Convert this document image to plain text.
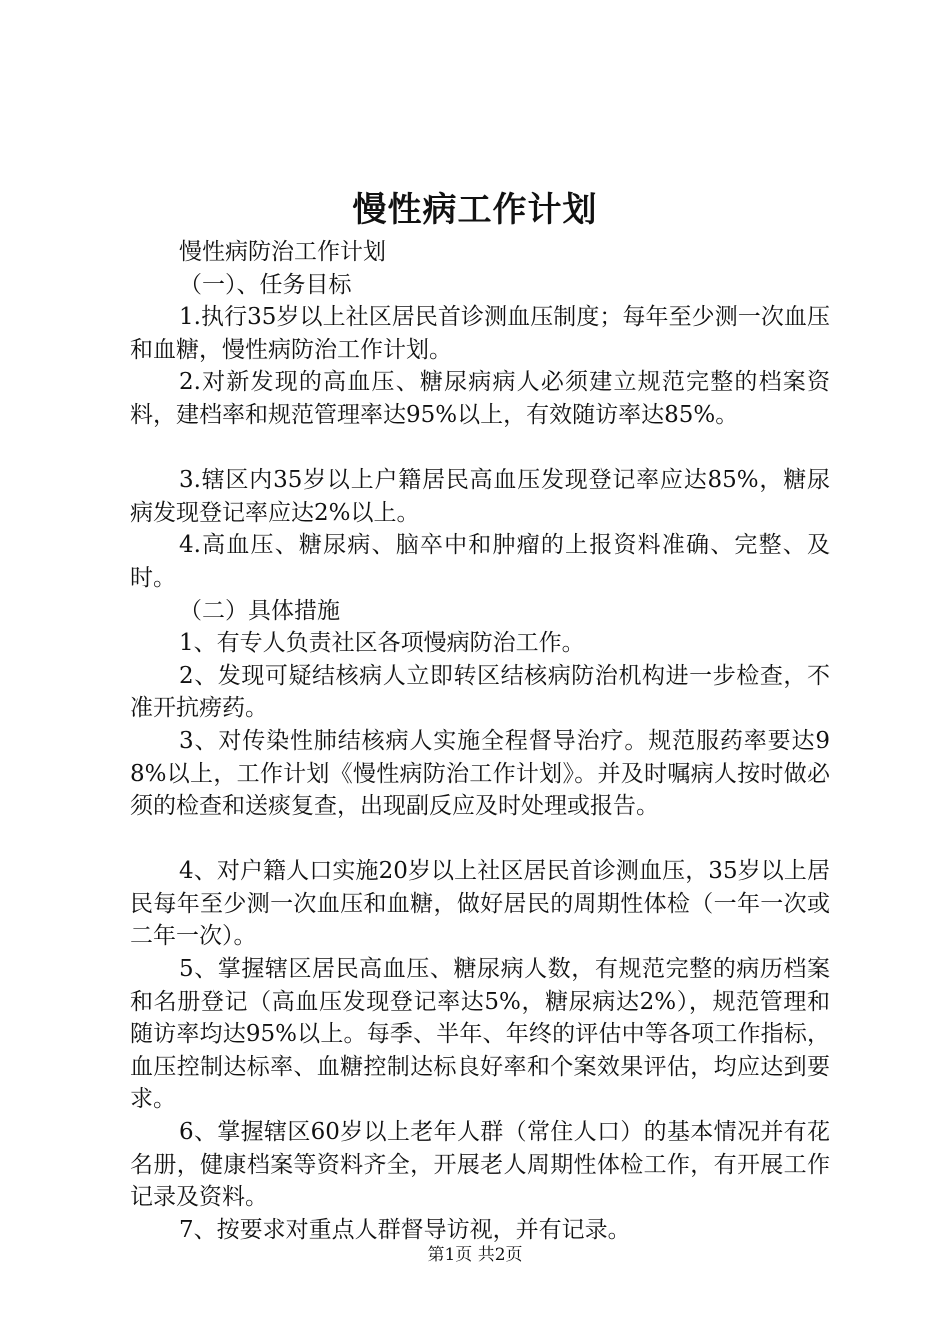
慢性病工作计划

慢性病防治工作计划

（一）、任务目标

1.执行35岁以上社区居民首诊测血压制度；每年至少测一次血压和血糖，慢性病防治工作计划。

2.对新发现的高血压、糖尿病病人必须建立规范完整的档案资料，建档率和规范管理率达95%以上，有效随访率达85%。

3.辖区内35岁以上户籍居民高血压发现登记率应达85%，糖尿病发现登记率应达2%以上。

4.高血压、糖尿病、脑卒中和肿瘤的上报资料准确、完整、及时。

（二）具体措施

1、有专人负责社区各项慢病防治工作。

2、发现可疑结核病人立即转区结核病防治机构进一步检查，不准开抗痨药。

3、对传染性肺结核病人实施全程督导治疗。规范服药率要达98%以上，工作计划《慢性病防治工作计划》。并及时嘱病人按时做必须的检查和送痰复查，出现副反应及时处理或报告。

4、对户籍人口实施20岁以上社区居民首诊测血压，35岁以上居民每年至少测一次血压和血糖，做好居民的周期性体检（一年一次或二年一次）。

5、掌握辖区居民高血压、糖尿病人数，有规范完整的病历档案和名册登记（高血压发现登记率达5%，糖尿病达2%），规范管理和随访率均达95%以上。每季、半年、年终的评估中等各项工作指标，血压控制达标率、血糖控制达标良好率和个案效果评估，均应达到要求。

6、掌握辖区60岁以上老年人群（常住人口）的基本情况并有花名册，健康档案等资料齐全，开展老人周期性体检工作，有开展工作记录及资料。

7、按要求对重点人群督导访视，并有记录。

第1页 共2页
